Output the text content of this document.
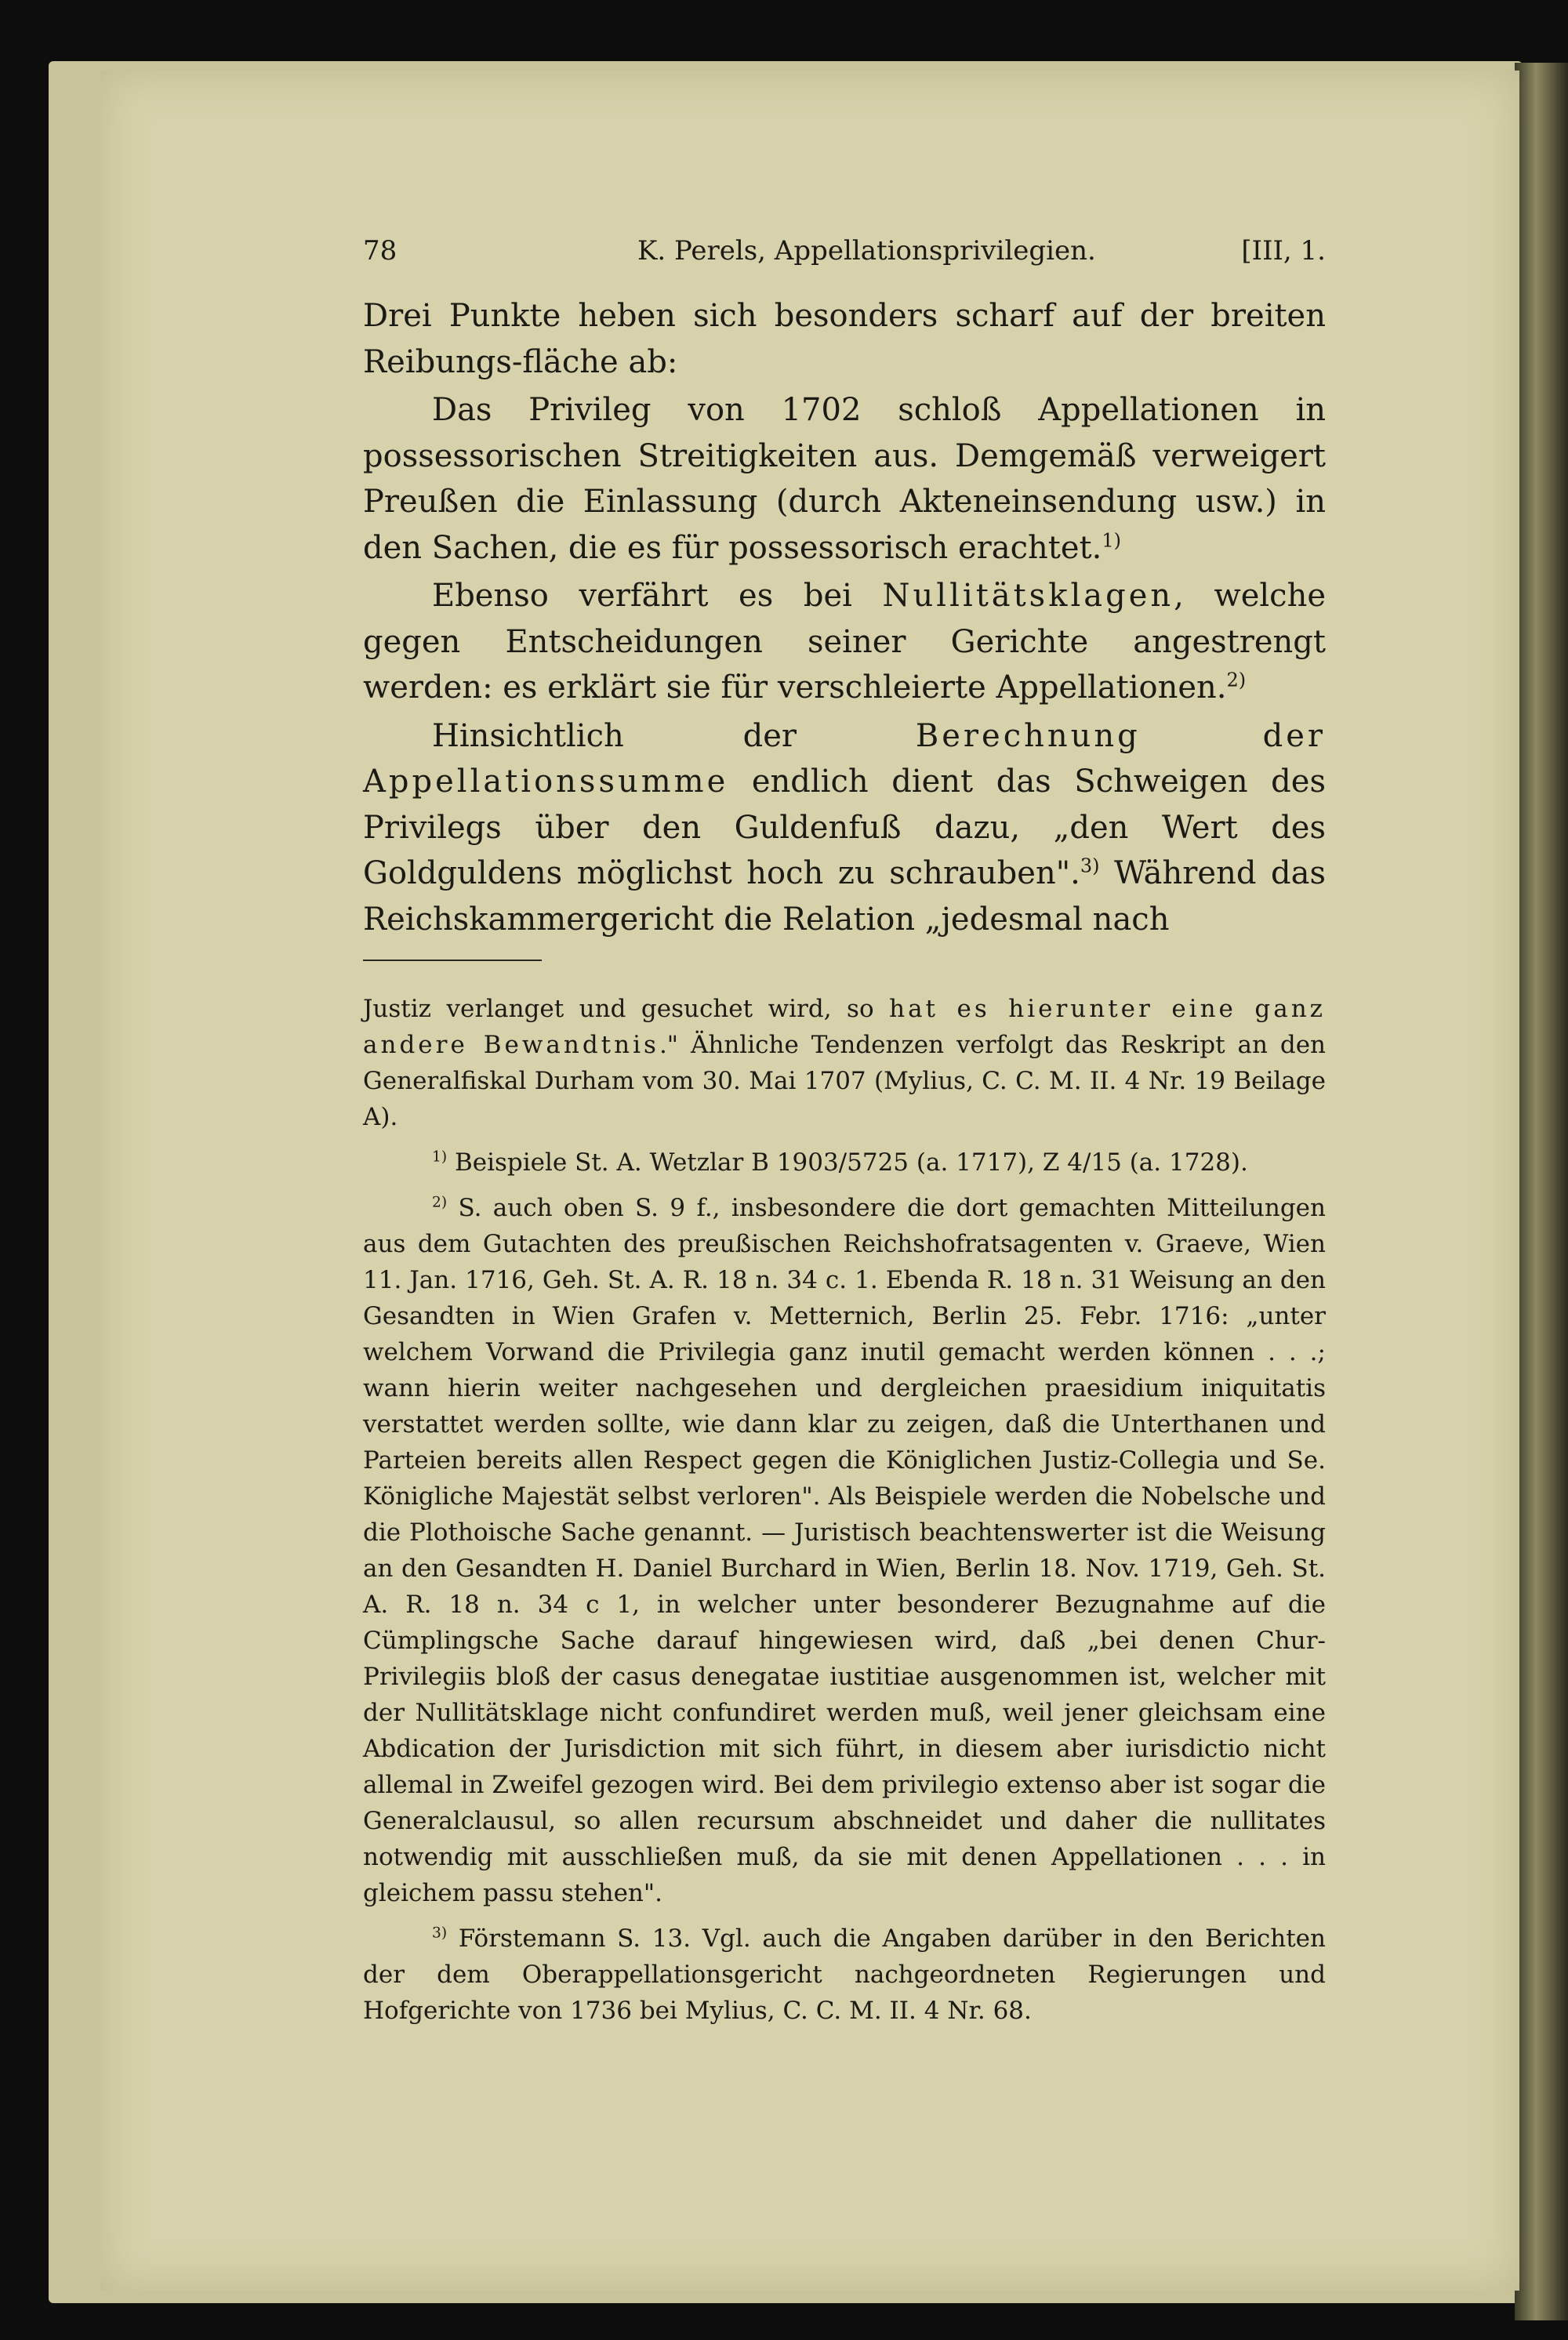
78	K. Perels, Appellationsprivilegien.	[III, 1.

Drei Punkte heben sich besonders scharf auf der breiten Reibungs-fläche ab:

Das Privileg von 1702 schloß Appellationen in possessorischen Streitigkeiten aus. Demgemäß verweigert Preußen die Einlassung (durch Akteneinsendung usw.) in den Sachen, die es für possessorisch erachtet.$^{1)}$

Ebenso verfährt es bei Nullitätsklagen, welche gegen Entscheidungen seiner Gerichte angestrengt werden: es erklärt sie für verschleierte Appellationen.$^{2)}$

Hinsichtlich der Berechnung der Appellationssumme endlich dient das Schweigen des Privilegs über den Guldenfuß dazu, „den Wert des Goldguldens möglichst hoch zu schrauben".$^{3)}$ Während das Reichskammergericht die Relation „jedesmal nach

Justiz verlanget und gesuchet wird, so hat es hierunter eine ganz andere Bewandtnis." Ähnliche Tendenzen verfolgt das Reskript an den Generalfiskal Durham vom 30. Mai 1707 (Mylius, C. C. M. II. 4 Nr. 19 Beilage A).

$^{1)}$ Beispiele St. A. Wetzlar B 1903/5725 (a. 1717), Z 4/15 (a. 1728).

$^{2)}$ S. auch oben S. 9 f., insbesondere die dort gemachten Mitteilungen aus dem Gutachten des preußischen Reichshofratsagenten v. Graeve, Wien 11. Jan. 1716, Geh. St. A. R. 18 n. 34 c. 1. Ebenda R. 18 n. 31 Weisung an den Gesandten in Wien Grafen v. Metternich, Berlin 25. Febr. 1716: „unter welchem Vorwand die Privilegia ganz inutil gemacht werden können . . .; wann hierin weiter nachgesehen und dergleichen praesidium iniquitatis verstattet werden sollte, wie dann klar zu zeigen, daß die Unterthanen und Parteien bereits allen Respect gegen die Königlichen Justiz-Collegia und Se. Königliche Majestät selbst verloren". Als Beispiele werden die Nobelsche und die Plothoische Sache genannt. — Juristisch beachtenswerter ist die Weisung an den Gesandten H. Daniel Burchard in Wien, Berlin 18. Nov. 1719, Geh. St. A. R. 18 n. 34 c 1, in welcher unter besonderer Bezugnahme auf die Cümplingsche Sache darauf hingewiesen wird, daß „bei denen Chur-Privilegiis bloß der casus denegatae iustitiae ausgenommen ist, welcher mit der Nullitätsklage nicht confundiret werden muß, weil jener gleichsam eine Abdication der Jurisdiction mit sich führt, in diesem aber iurisdictio nicht allemal in Zweifel gezogen wird. Bei dem privilegio extenso aber ist sogar die Generalclausul, so allen recursum abschneidet und daher die nullitates notwendig mit ausschließen muß, da sie mit denen Appellationen . . . in gleichem passu stehen".

$^{3)}$ Förstemann S. 13. Vgl. auch die Angaben darüber in den Berichten der dem Oberappellationsgericht nachgeordneten Regierungen und Hofgerichte von 1736 bei Mylius, C. C. M. II. 4 Nr. 68.
